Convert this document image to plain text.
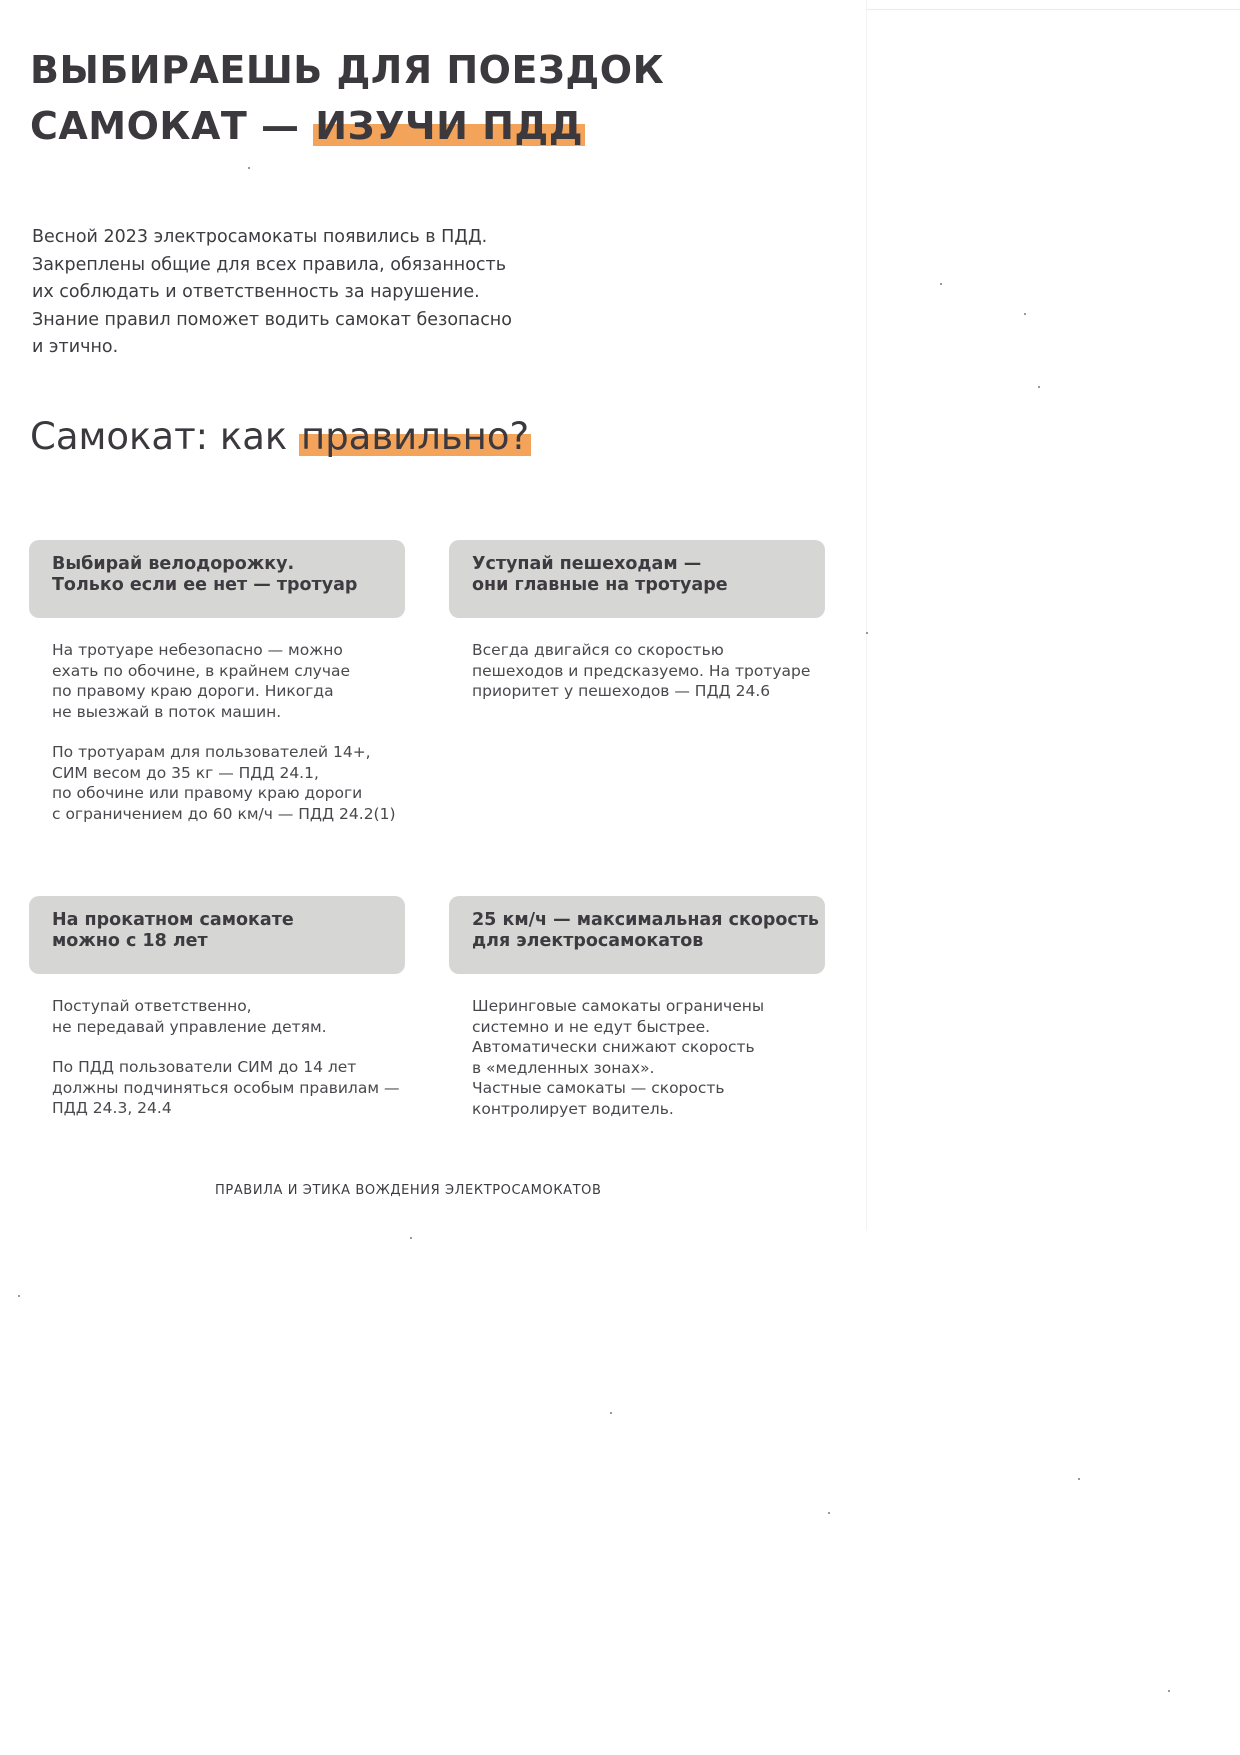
ВЫБИРАЕШЬ ДЛЯ ПОЕЗДОК
САМОКАТ — ИЗУЧИ ПДД

Весной 2023 электросамокаты появились в ПДД.
Закреплены общие для всех правила, обязанность
их соблюдать и ответственность за нарушение.
Знание правил поможет водить самокат безопасно
и этично.

Самокат: как правильно?
Выбирай велодорожку.
Только если ее нет — тротуар
На тротуаре небезопасно — можно
ехать по обочине, в крайнем случае
по правому краю дороги. Никогда
не выезжай в поток машин.
По тротуарам для пользователей 14+,
СИМ весом до 35 кг — ПДД 24.1,
по обочине или правому краю дороги
с ограничением до 60 км/ч — ПДД 24.2(1)
Уступай пешеходам —
они главные на тротуаре
Всегда двигайся со скоростью
пешеходов и предсказуемо. На тротуаре
приоритет у пешеходов — ПДД 24.6
На прокатном самокате
можно с 18 лет
Поступай ответственно,
не передавай управление детям.
По ПДД пользователи СИМ до 14 лет
должны подчиняться особым правилам —
ПДД 24.3, 24.4
25 км/ч — максимальная скорость
для электросамокатов
Шеринговые самокаты ограничены
системно и не едут быстрее.
Автоматически снижают скорость
в «медленных зонах».
Частные самокаты — скорость
контролирует водитель.
ПРАВИЛА И ЭТИКА ВОЖДЕНИЯ ЭЛЕКТРОСАМОКАТОВ
